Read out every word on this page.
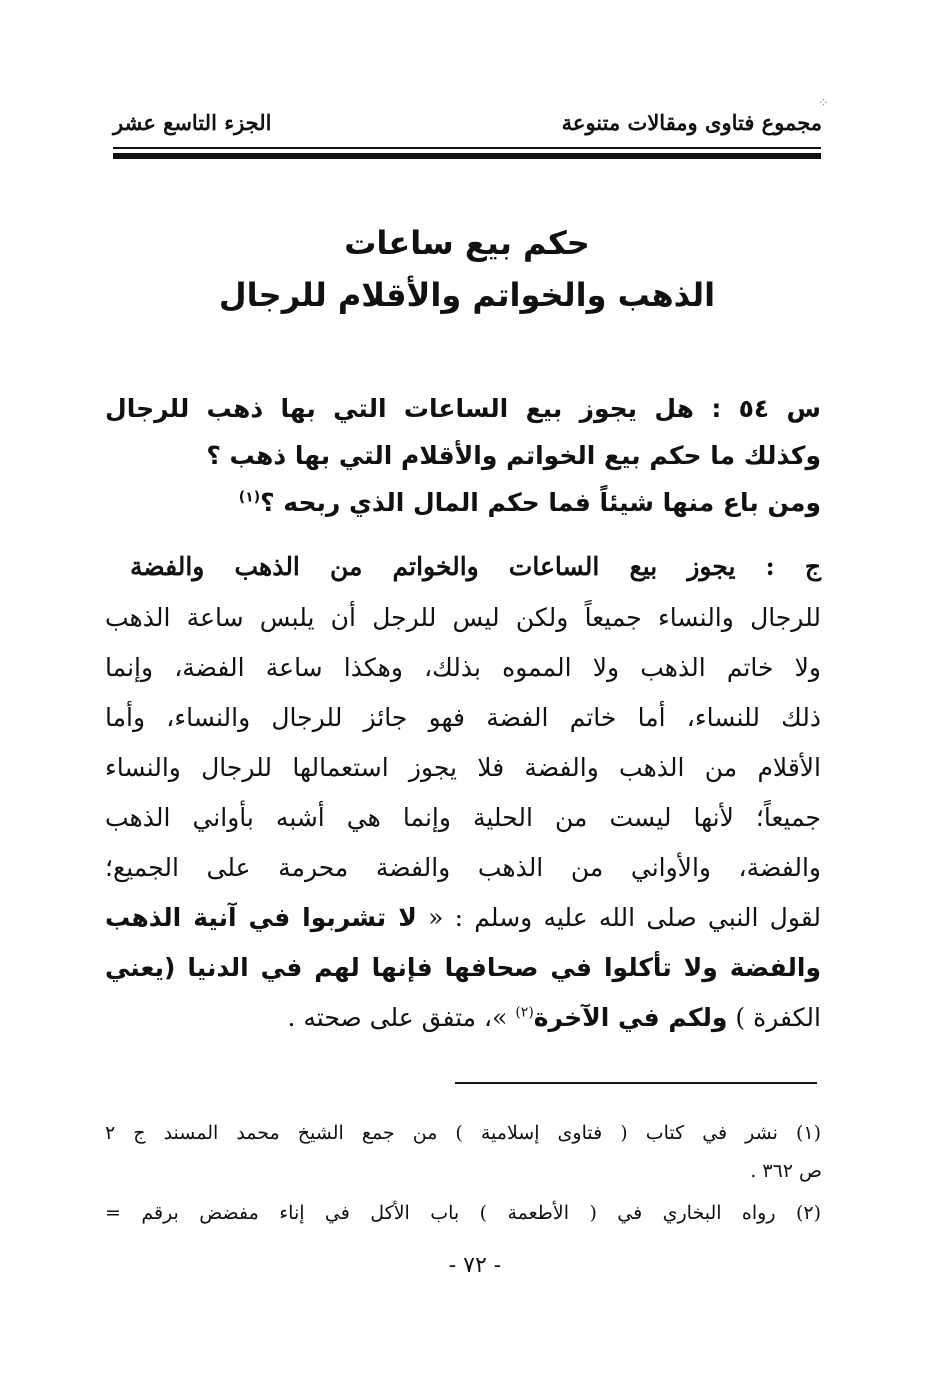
⁘
مجموع فتاوى ومقالات متنوعة
الجزء التاسع عشر
حكم بيع ساعات
الذهب والخواتم والأقلام للرجال
س ٥٤ : هل يجوز بيع الساعات التي بها ذهب للرجال
وكذلك ما حكم بيع الخواتم والأقلام التي بها ذهب ؟
ومن باع منها شيئاً فما حكم المال الذي ربحه ؟$^{(١)}$
ج : يجوز بيع الساعات والخواتم من الذهب والفضة
للرجال والنساء جميعاً ولكن ليس للرجل أن يلبس ساعة الذهب
ولا خاتم الذهب ولا المموه بذلك، وهكذا ساعة الفضة، وإنما
ذلك للنساء، أما خاتم الفضة فهو جائز للرجال والنساء، وأما
الأقلام من الذهب والفضة فلا يجوز استعمالها للرجال والنساء
جميعاً؛ لأنها ليست من الحلية وإنما هي أشبه بأواني الذهب
والفضة، والأواني من الذهب والفضة محرمة على الجميع؛
لقول النبي صلى الله عليه وسلم : « لا تشربوا في آنية الذهب
والفضة ولا تأكلوا في صحافها فإنها لهم في الدنيا (يعني
الكفرة ) ولكم في الآخرة$^{(٢)}$ »، متفق على صحته .
(١) نشر في كتاب ( فتاوى إسلامية ) من جمع الشيخ محمد المسند ج ٢
ص ٣٦٢ .
(٢) رواه البخاري في ( الأطعمة ) باب الأكل في إناء مفضض برقم =
- ٧٢ -
